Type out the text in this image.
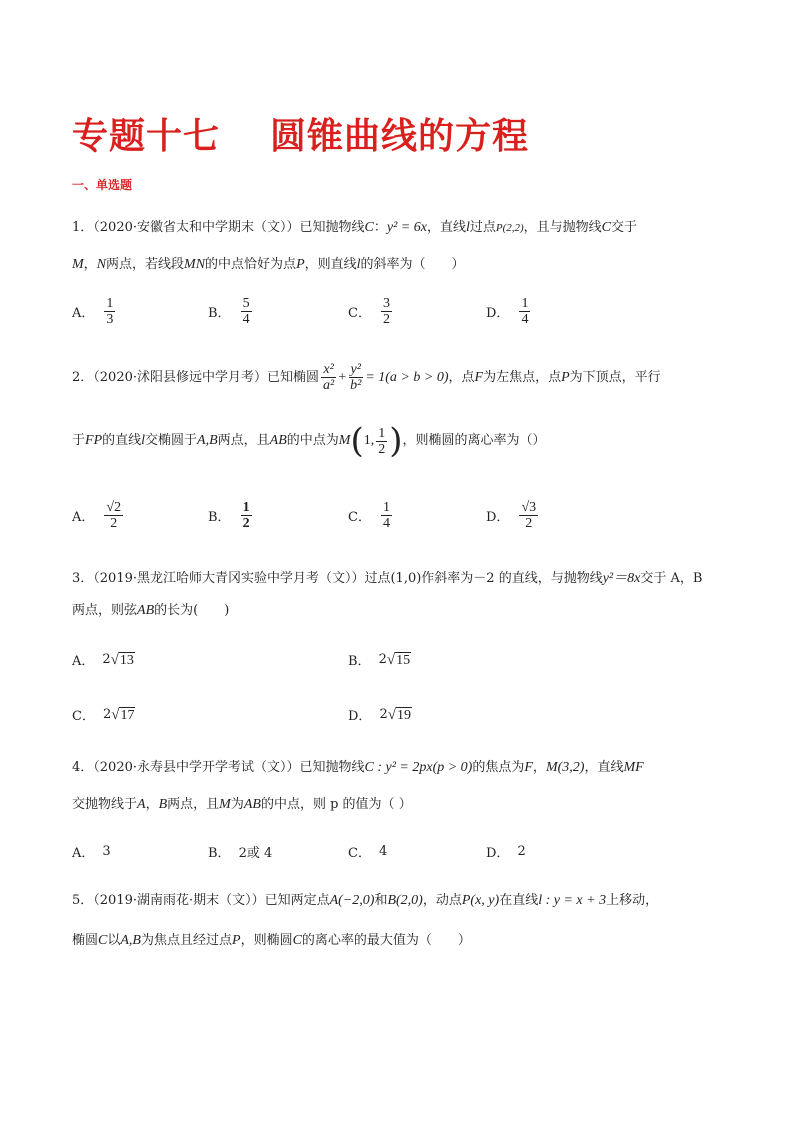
专题十七 圆锥曲线的方程
一、单选题
1．（2020·安徽省太和中学期末（文））已知抛物线C：y² = 6x，直线l过点P(2,2)，且与抛物线C交于
M，N两点，若线段MN的中点恰好为点P，则直线l的斜率为（　　）
A． $\frac{1}{3}$	B． $\frac{5}{4}$	C． $\frac{3}{2}$	D． $\frac{1}{4}$
2．（2020·沭阳县修远中学月考）已知椭圆 $\frac{\text{x²}}{\text{a²}} + \frac{\text{y²}}{\text{b²}} = 1(a > b > 0)$ ，点 F 为左焦点，点 P 为下顶点，平行
于 FP 的直线 l 交椭圆于 A,B 两点，且 AB 的中点为 M ( 1, $\frac{1}{2}$ ) ，则椭圆的离心率为（）
A． $\frac{√2}{2}$	B． $\frac{1}{2}$	C． $\frac{1}{4}$	D． $\frac{√3}{2}$
3．（2019·黑龙江哈师大青冈实验中学月考（文））过点(1,0)作斜率为－2 的直线，与抛物线y²＝8x交于 A，B
两点，则弦AB的长为(　　)
A． 2 √ 13	B． 2 √ 15
C． 2 √ 17	D． 2 √ 19
4．（2020·永寿县中学开学考试（文））已知抛物线C : y² = 2px(p > 0)的焦点为F，M(3,2)，直线MF
交抛物线于A，B两点，且M为AB的中点，则 p 的值为（ ）
A． 3	B． 2或 4	C． 4	D． 2
5．（2019·湖南雨花·期末（文））已知两定点A(−2,0)和B(2,0)，动点P(x, y)在直线l : y = x + 3上移动，
椭圆C以A,B为焦点且经过点P，则椭圆C的离心率的最大值为（　　）
